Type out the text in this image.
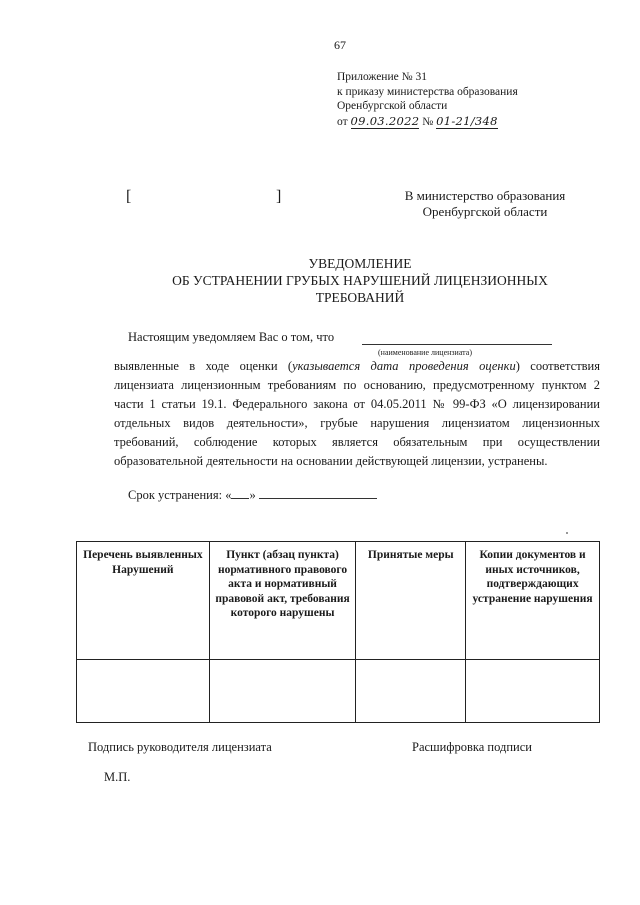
67
Приложение № 31
к приказу министерства образования
Оренбургской области
от 09.03.2022 № 01-21/348
[	]	В министерство образования
Оренбургской области
УВЕДОМЛЕНИЕ
ОБ УСТРАНЕНИИ ГРУБЫХ НАРУШЕНИЙ ЛИЦЕНЗИОННЫХ
ТРЕБОВАНИЙ
Настоящим уведомляем Вас о том, что
(наименование лицензиата)
выявленные в ходе оценки (указывается дата проведения оценки) соответствия лицензиата лицензионным требованиям по основанию, предусмотренному пунктом 2 части 1 статьи 19.1. Федерального закона от 04.05.2011 № 99-ФЗ «О лицензировании отдельных видов деятельности», грубые нарушения лицензиатом лицензионных требований, соблюдение которых является обязательным при осуществлении образовательной деятельности на основании действующей лицензии, устранены.
Срок устранения: « »
Перечень выявленных Нарушений	Пункт (абзац пункта) нормативного правового акта и нормативный правовой акт, требования которого нарушены	Принятые меры	Копии документов и иных источников, подтверждающих устранение нарушения

Подпись руководителя лицензиата	Расшифровка подписи
М.П.
